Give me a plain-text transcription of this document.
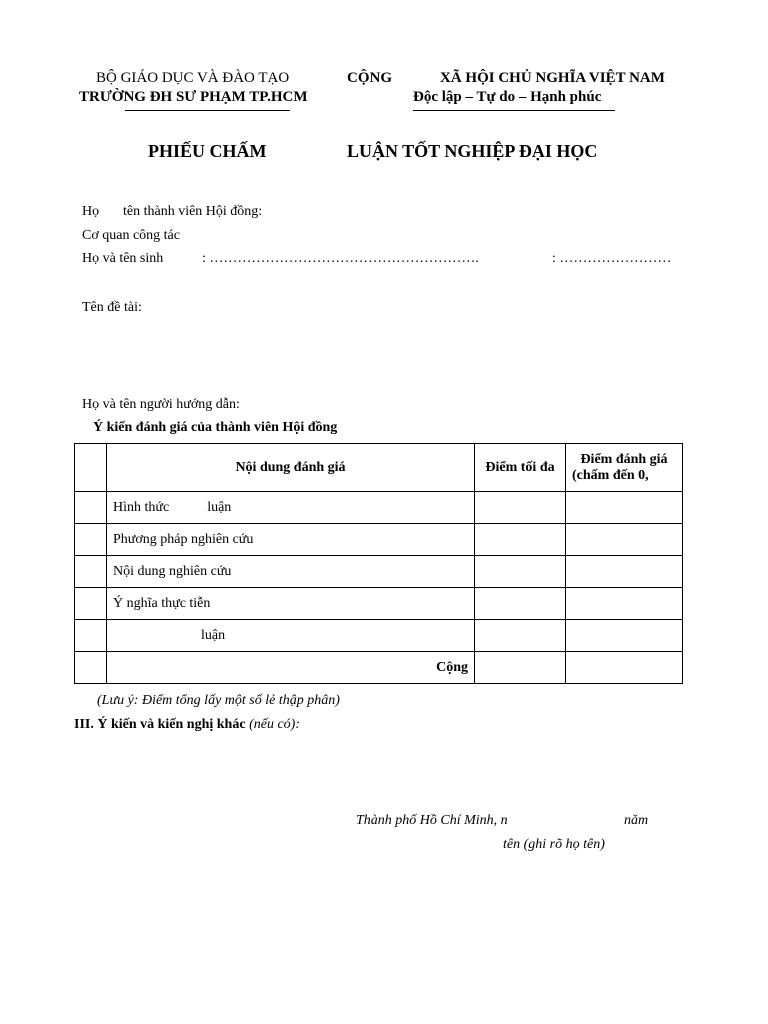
BỘ GIÁO DỤC VÀ ĐÀO TẠO
TRƯỜNG ĐH SƯ PHẠM TP.HCM
CỘNG	XÃ HỘI CHỦ NGHĨA VIỆT NAM
Độc lập – Tự do – Hạnh phúc
PHIẾU CHẤM	LUẬN TỐT NGHIỆP ĐẠI HỌC
Họ tên thành viên Hội đồng:
Cơ quan công tác
Họ và tên sinh	: ………………………………………………….	: ……………………
Tên đề tài:
Họ và tên người hướng dẫn:
Ý kiến đánh giá của thành viên Hội đồng
	Nội dung đánh giá	Điểm tối đa	Điểm đánh giá
(chấm đến 0,

	Hình thức luận		
	Phương pháp nghiên cứu		
	Nội dung nghiên cứu		
	Ý nghĩa thực tiễn		
	luận		
	Cộng		
(Lưu ý: Điểm tổng lấy một số lẻ thập phân)
III. Ý kiến và kiến nghị khác (nếu có):
Thành phố Hồ Chí Minh, n	năm
tên (ghi rõ họ tên)
